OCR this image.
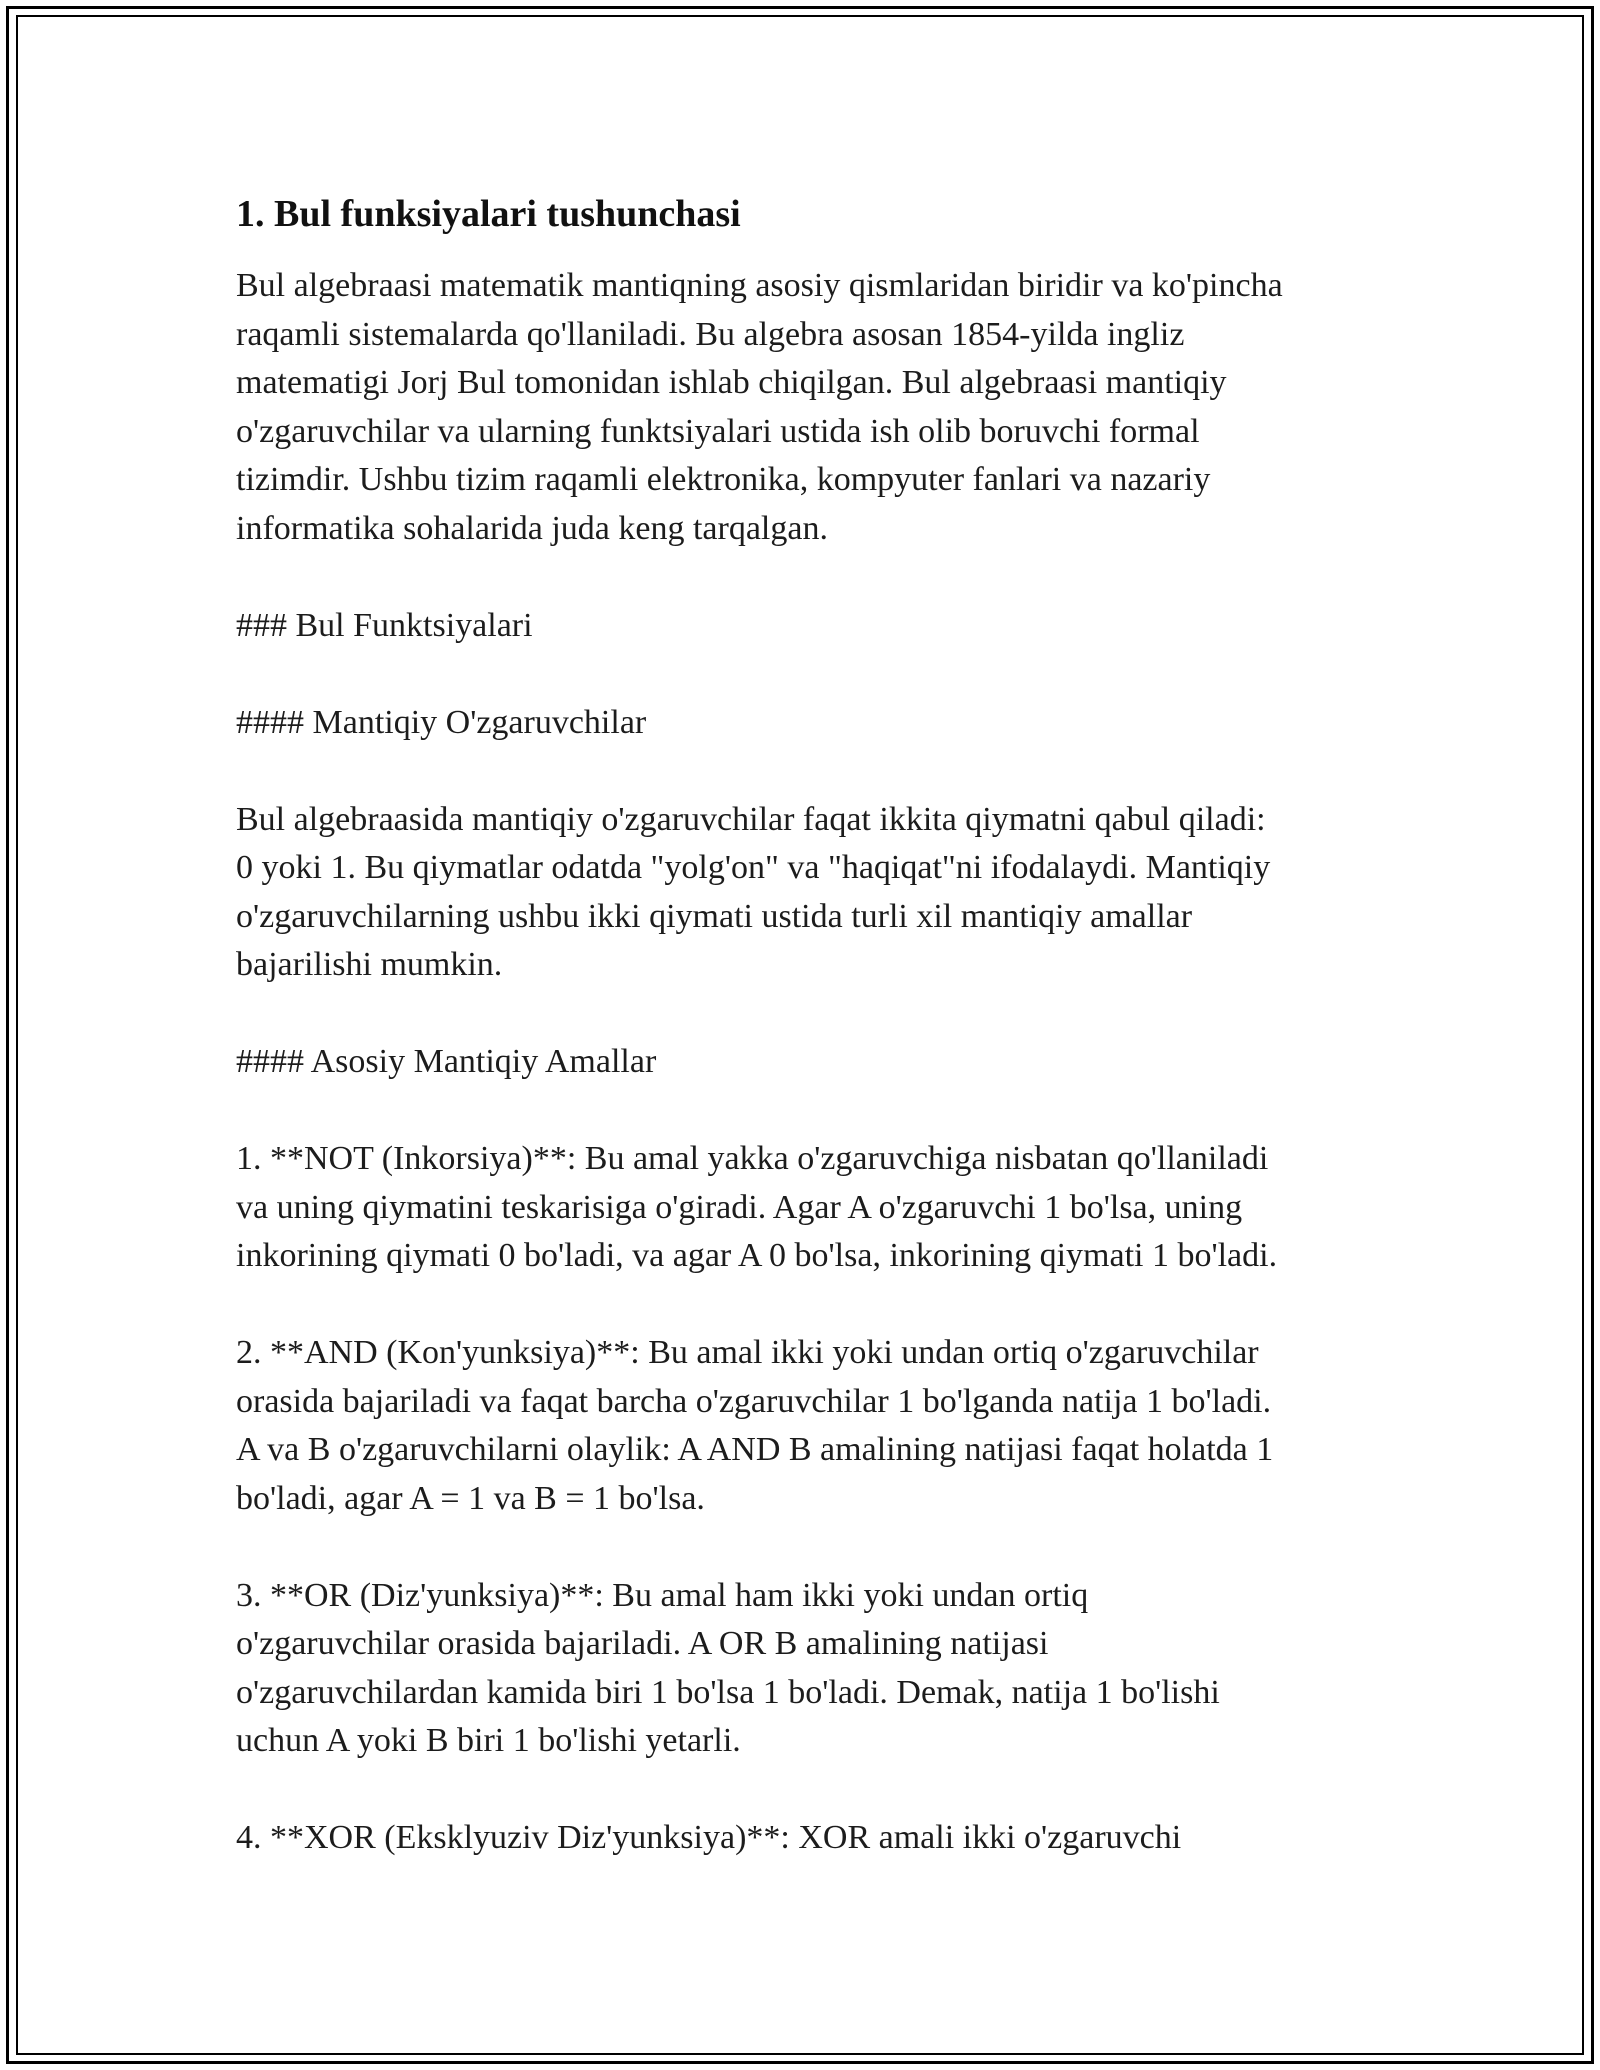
1. Bul funksiyalari tushunchasi

Bul algebraasi matematik mantiqning asosiy qismlaridan biridir va ko'pincha
raqamli sistemalarda qo'llaniladi. Bu algebra asosan 1854-yilda ingliz
matematigi Jorj Bul tomonidan ishlab chiqilgan. Bul algebraasi mantiqiy
o'zgaruvchilar va ularning funktsiyalari ustida ish olib boruvchi formal
tizimdir. Ushbu tizim raqamli elektronika, kompyuter fanlari va nazariy
informatika sohalarida juda keng tarqalgan.

### Bul Funktsiyalari

#### Mantiqiy O'zgaruvchilar

Bul algebraasida mantiqiy o'zgaruvchilar faqat ikkita qiymatni qabul qiladi:
0 yoki 1. Bu qiymatlar odatda "yolg'on" va "haqiqat"ni ifodalaydi. Mantiqiy
o'zgaruvchilarning ushbu ikki qiymati ustida turli xil mantiqiy amallar
bajarilishi mumkin.

#### Asosiy Mantiqiy Amallar

1. **NOT (Inkorsiya)**: Bu amal yakka o'zgaruvchiga nisbatan qo'llaniladi
va uning qiymatini teskarisiga o'giradi. Agar A o'zgaruvchi 1 bo'lsa, uning
inkorining qiymati 0 bo'ladi, va agar A 0 bo'lsa, inkorining qiymati 1 bo'ladi.

2. **AND (Kon'yunksiya)**: Bu amal ikki yoki undan ortiq o'zgaruvchilar
orasida bajariladi va faqat barcha o'zgaruvchilar 1 bo'lganda natija 1 bo'ladi.
A va B o'zgaruvchilarni olaylik: A AND B amalining natijasi faqat holatda 1
bo'ladi, agar A = 1 va B = 1 bo'lsa.

3. **OR (Diz'yunksiya)**: Bu amal ham ikki yoki undan ortiq
o'zgaruvchilar orasida bajariladi. A OR B amalining natijasi
o'zgaruvchilardan kamida biri 1 bo'lsa 1 bo'ladi. Demak, natija 1 bo'lishi
uchun A yoki B biri 1 bo'lishi yetarli.

4. **XOR (Eksklyuziv Diz'yunksiya)**: XOR amali ikki o'zgaruvchi
